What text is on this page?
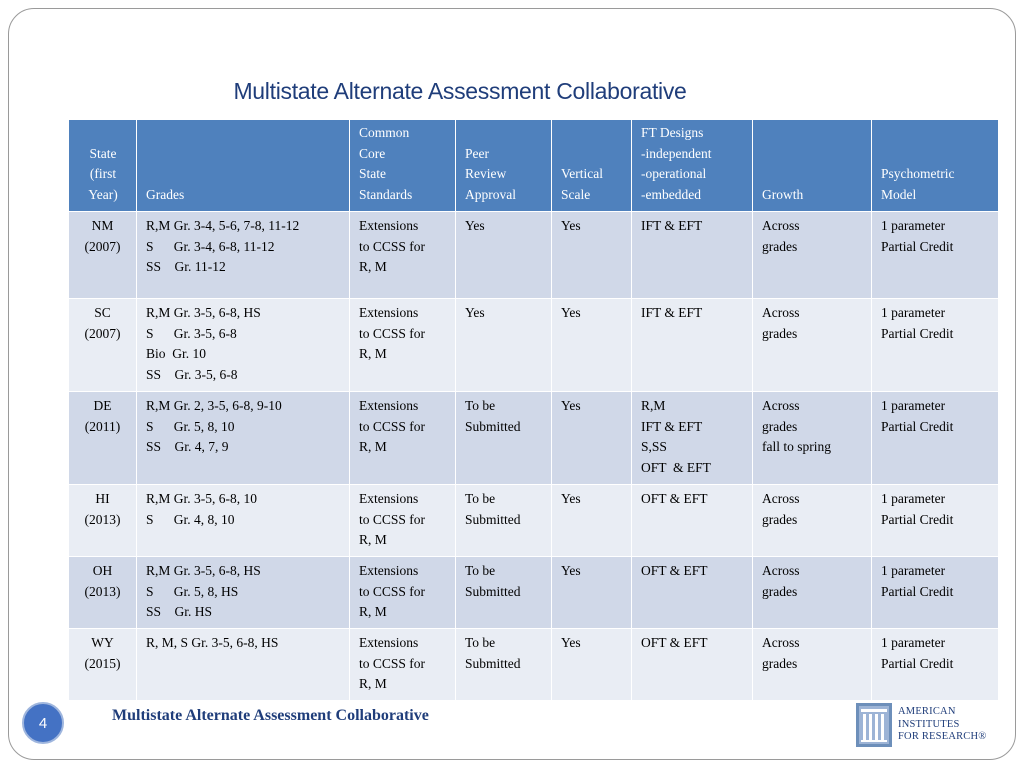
Multistate Alternate Assessment Collaborative
State
(first
Year)	Grades	Common
Core
State
Standards	Peer
Review
Approval	Vertical
Scale	FT Designs
-independent
-operational
-embedded	Growth	Psychometric
Model

NM
(2007)	R,M Gr. 3-4, 5-6, 7-8, 11-12
S      Gr. 3-4, 6-8, 11-12
SS    Gr. 11-12	Extensions
to CCSS for
R, M	Yes	Yes	IFT & EFT	Across
grades	1 parameter
Partial Credit

SC
(2007)	R,M Gr. 3-5, 6-8, HS
S      Gr. 3-5, 6-8
Bio  Gr. 10
SS    Gr. 3-5, 6-8	Extensions
to CCSS for
R, M	Yes	Yes	IFT & EFT	Across
grades	1 parameter
Partial Credit

DE
(2011)	R,M Gr. 2, 3-5, 6-8, 9-10
S      Gr. 5, 8, 10
SS    Gr. 4, 7, 9	Extensions
to CCSS for
R, M	To be
Submitted	Yes	R,M
IFT & EFT
S,SS
OFT  & EFT	Across
grades
fall to spring	1 parameter
Partial Credit

HI
(2013)	R,M Gr. 3-5, 6-8, 10
S      Gr. 4, 8, 10	Extensions
to CCSS for
R, M	To be
Submitted	Yes	OFT & EFT	Across
grades	1 parameter
Partial Credit

OH
(2013)	R,M Gr. 3-5, 6-8, HS
S      Gr. 5, 8, HS
SS    Gr. HS	Extensions
to CCSS for
R, M	To be
Submitted	Yes	OFT & EFT	Across
grades	1 parameter
Partial Credit

WY
(2015)	R, M, S Gr. 3-5, 6-8, HS	Extensions
to CCSS for
R, M	To be
Submitted	Yes	OFT & EFT	Across
grades	1 parameter
Partial Credit
4	Multistate Alternate Assessment Collaborative	AMERICAN
INSTITUTES
FOR RESEARCH®
